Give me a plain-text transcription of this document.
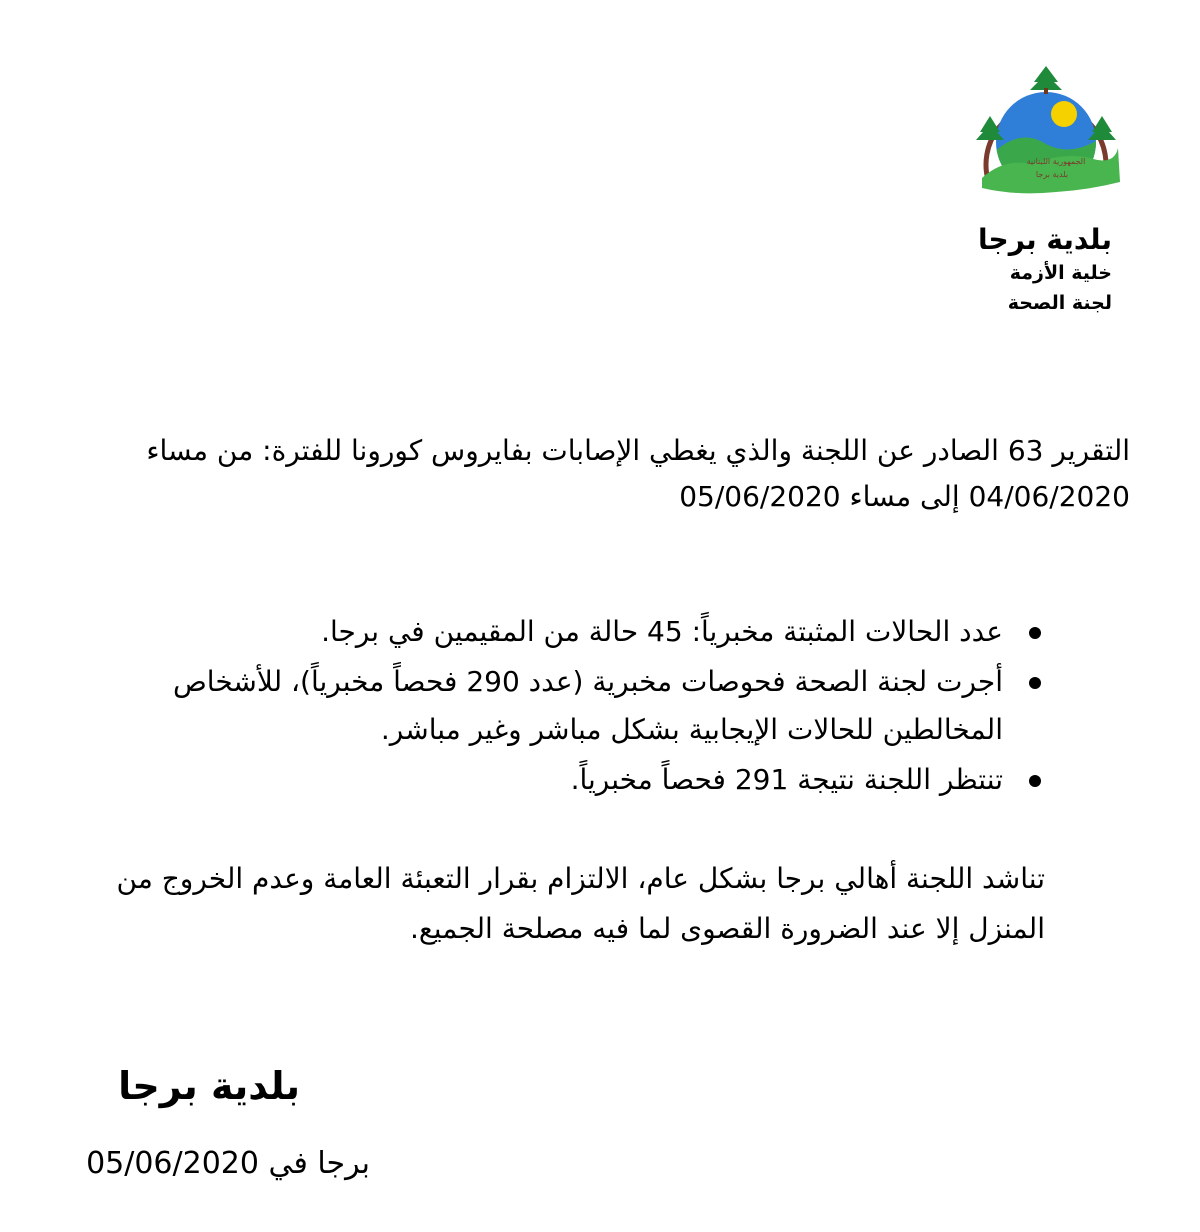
الجمهورية اللبنانية
بلدية برجا
بلدية برجا
خلية الأزمة
لجنة الصحة
التقرير 63 الصادر عن اللجنة والذي يغطي الإصابات بفايروس كورونا للفترة: من مساء 04/06/2020 إلى مساء 05/06/2020
عدد الحالات المثبتة مخبرياً: 45 حالة من المقيمين في برجا.
أجرت لجنة الصحة فحوصات مخبرية (عدد 290 فحصاً مخبرياً)، للأشخاص المخالطين للحالات الإيجابية بشكل مباشر وغير مباشر.
تنتظر اللجنة نتيجة 291 فحصاً مخبرياً.
تناشد اللجنة أهالي برجا بشكل عام، الالتزام بقرار التعبئة العامة وعدم الخروج من المنزل إلا عند الضرورة القصوى لما فيه مصلحة الجميع.
بلدية برجا
برجا في 05/06/2020
